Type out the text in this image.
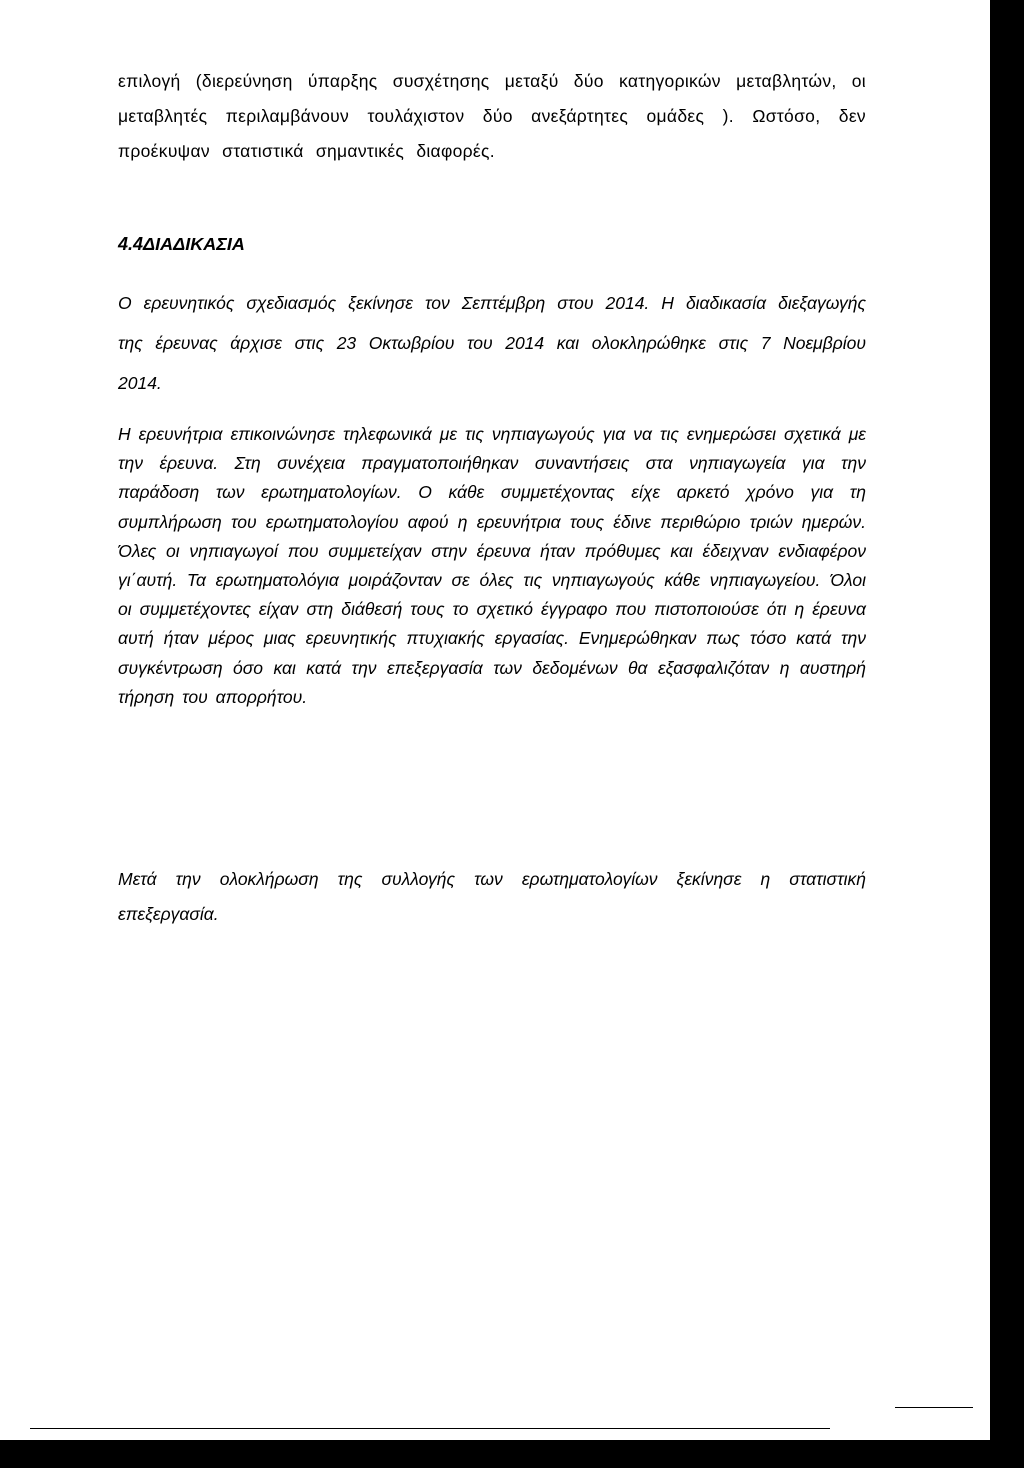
επιλογή (διερεύνηση ύπαρξης συσχέτησης μεταξύ δύο κατηγορικών μεταβλητών, οι μεταβλητές περιλαμβάνουν τουλάχιστον δύο ανεξάρτητες ομάδες ). Ωστόσο, δεν προέκυψαν στατιστικά σημαντικές διαφορές.

4.4ΔΙΑΔΙΚΑΣΙΑ

Ο ερευνητικός σχεδιασμός ξεκίνησε τον Σεπτέμβρη στου 2014. Η διαδικασία διεξαγωγής της έρευνας άρχισε στις 23 Οκτωβρίου του 2014 και ολοκληρώθηκε στις 7 Νοεμβρίου 2014.

Η ερευνήτρια επικοινώνησε τηλεφωνικά με τις νηπιαγωγούς για να τις ενημερώσει σχετικά με την έρευνα. Στη συνέχεια πραγματοποιήθηκαν συναντήσεις στα νηπιαγωγεία για την παράδοση των ερωτηματολογίων. Ο κάθε συμμετέχοντας είχε αρκετό χρόνο για τη συμπλήρωση του ερωτηματολογίου αφού η ερευνήτρια τους έδινε περιθώριο τριών ημερών. Όλες οι νηπιαγωγοί που συμμετείχαν στην έρευνα ήταν πρόθυμες και έδειχναν ενδιαφέρον γι΄αυτή. Τα ερωτηματολόγια μοιράζονταν σε όλες τις νηπιαγωγούς κάθε νηπιαγωγείου. Όλοι οι συμμετέχοντες είχαν στη διάθεσή τους το σχετικό έγγραφο που πιστοποιούσε ότι η έρευνα αυτή ήταν μέρος μιας ερευνητικής πτυχιακής εργασίας. Ενημερώθηκαν πως τόσο κατά την συγκέντρωση όσο και κατά την επεξεργασία των δεδομένων θα εξασφαλιζόταν η αυστηρή τήρηση του απορρήτου.

Μετά την ολοκλήρωση της συλλογής των ερωτηματολογίων ξεκίνησε η στατιστική επεξεργασία.
